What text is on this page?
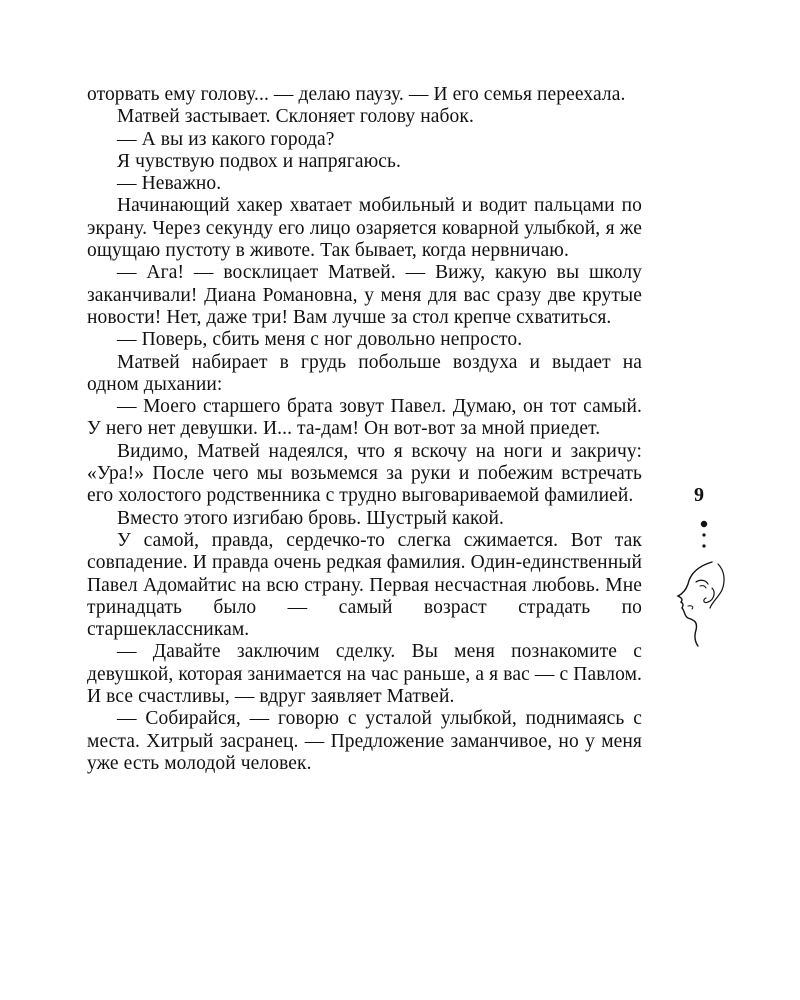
оторвать ему голову... — делаю паузу. — И его семья переехала.

Матвей застывает. Склоняет голову набок.

— А вы из какого города?

Я чувствую подвох и напрягаюсь.

— Неважно.

Начинающий хакер хватает мобильный и водит пальцами по экрану. Через секунду его лицо озаряется коварной улыбкой, я же ощущаю пустоту в животе. Так бывает, когда нервничаю.

— Ага! — восклицает Матвей. — Вижу, какую вы школу заканчивали! Диана Романовна, у меня для вас сразу две крутые новости! Нет, даже три! Вам лучше за стол крепче схватиться.

— Поверь, сбить меня с ног довольно непросто.

Матвей набирает в грудь побольше воздуха и выдает на одном дыхании:

— Моего старшего брата зовут Павел. Думаю, он тот самый. У него нет девушки. И... та-дам! Он вот-вот за мной приедет.

Видимо, Матвей надеялся, что я вскочу на ноги и закричу: «Ура!» После чего мы возьмемся за руки и побежим встречать его холостого родственника с трудно выговариваемой фамилией.

Вместо этого изгибаю бровь. Шустрый какой.

У самой, правда, сердечко-то слегка сжимается. Вот так совпадение. И правда очень редкая фамилия. Один-единственный Павел Адомайтис на всю страну. Первая несчастная любовь. Мне тринадцать было — самый возраст страдать по старшеклассникам.

— Давайте заключим сделку. Вы меня познакомите с девушкой, которая занимается на час раньше, а я вас — с Павлом. И все счастливы, — вдруг заявляет Матвей.

— Собирайся, — говорю с усталой улыбкой, поднимаясь с места. Хитрый засранец. — Предложение заманчивое, но у меня уже есть молодой человек.

9
